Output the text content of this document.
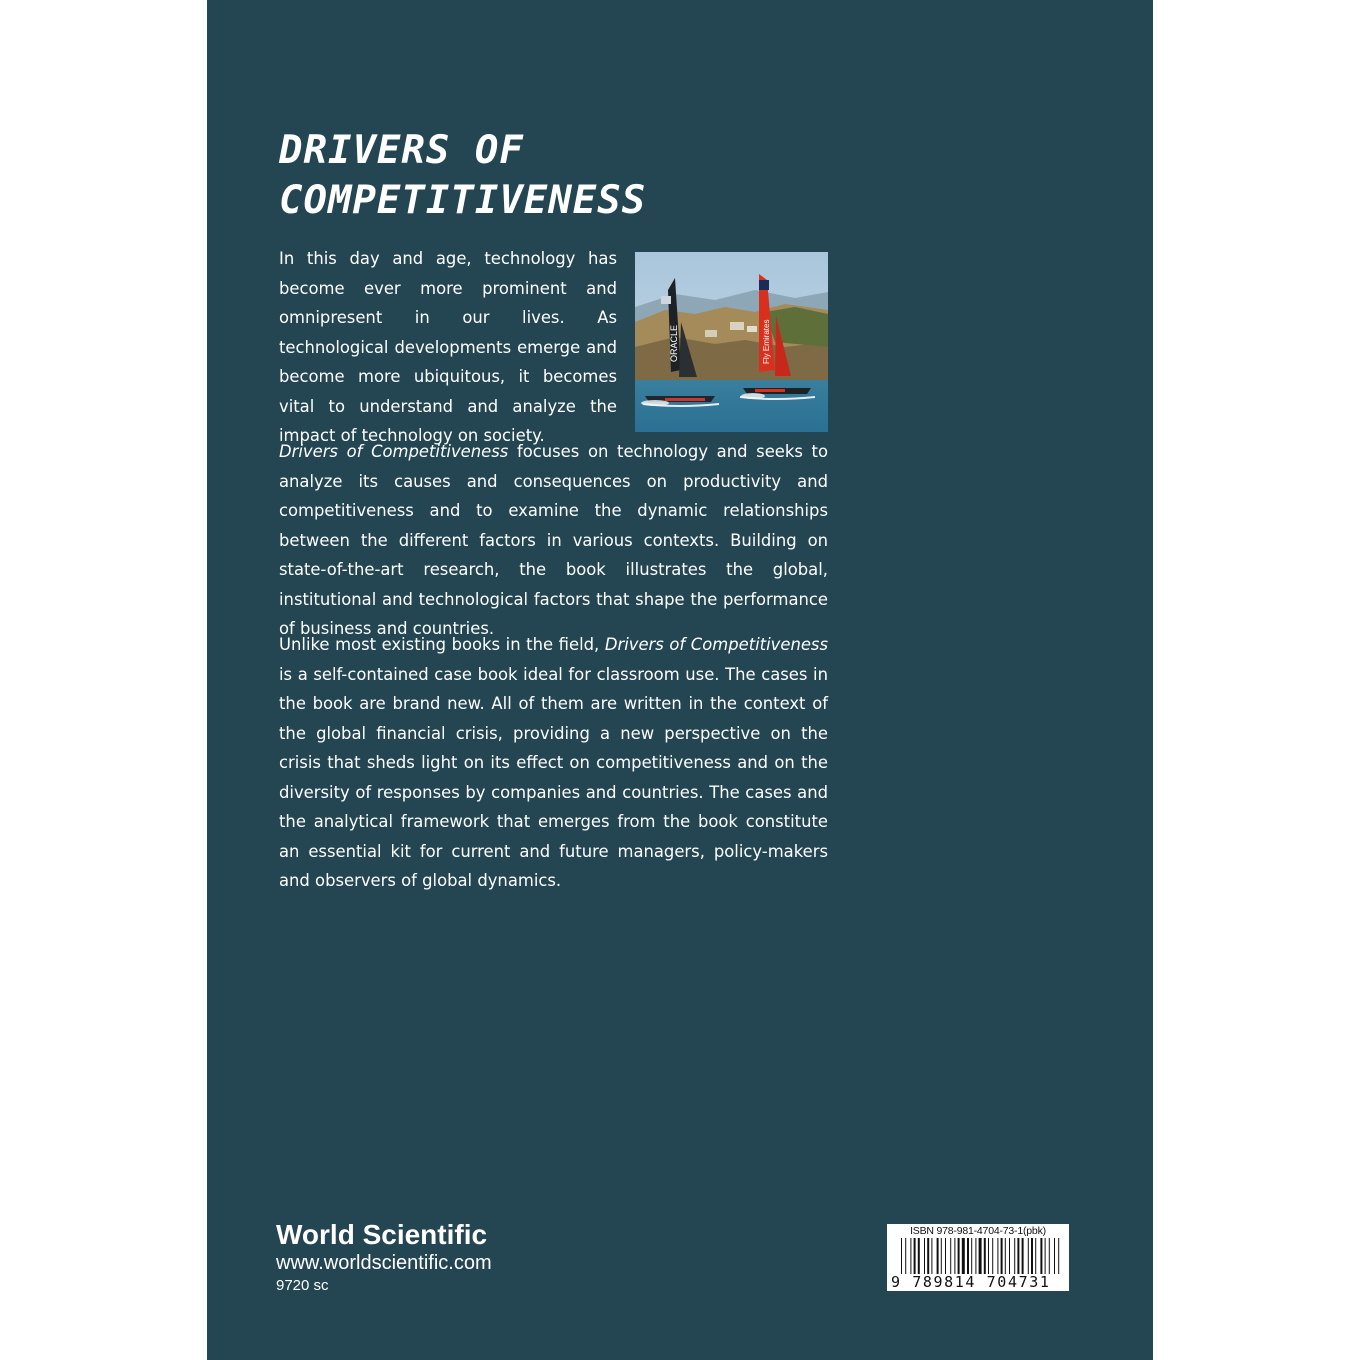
DRIVERS OF
COMPETITIVENESS

In this day and age, technology has become ever more prominent and omnipresent in our lives. As technological developments emerge and become more ubiquitous, it becomes vital to understand and analyze the impact of technology on society.

ORACLE	Fly Emirates

Drivers of Competitiveness focuses on technology and seeks to analyze its causes and consequences on productivity and competitiveness and to examine the dynamic relationships between the different factors in various contexts. Building on state-of-the-art research, the book illustrates the global, institutional and technological factors that shape the performance of business and countries.

Unlike most existing books in the field, Drivers of Competitiveness is a self-contained case book ideal for classroom use. The cases in the book are brand new. All of them are written in the context of the global financial crisis, providing a new perspective on the crisis that sheds light on its effect on competitiveness and on the diversity of responses by companies and countries. The cases and the analytical framework that emerges from the book constitute an essential kit for current and future managers, policy-makers and observers of global dynamics.

World Scientific

www.worldscientific.com

9720 sc

ISBN 978-981-4704-73-1(pbk)

9 789814 704731
